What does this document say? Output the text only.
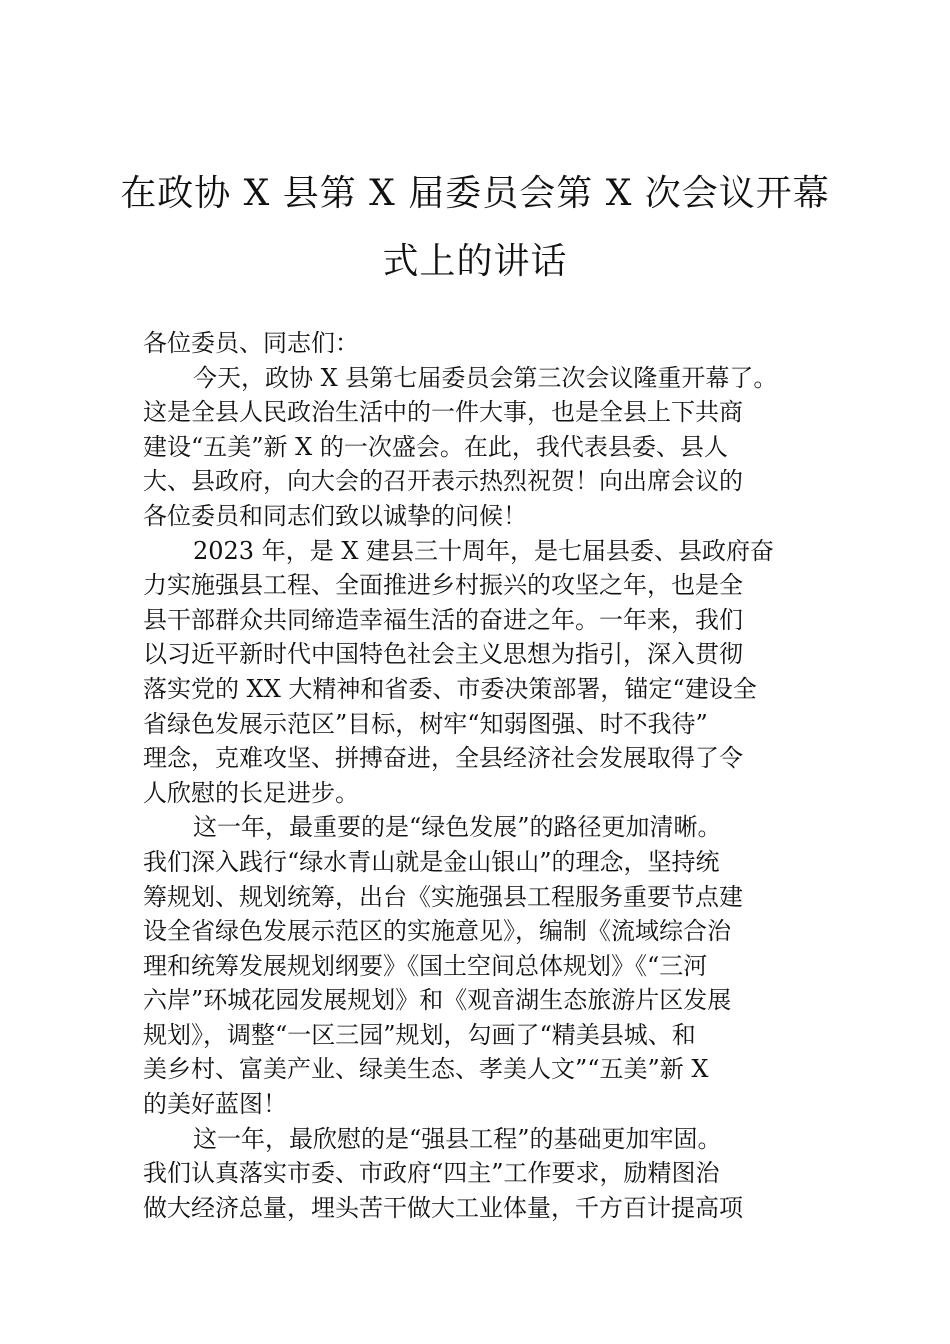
在政协 X 县第 X 届委员会第 X 次会议开幕
式上的讲话
各位委员、同志们：
今天，政协 X 县第七届委员会第三次会议隆重开幕了。
这是全县人民政治生活中的一件大事，也是全县上下共商
建设“五美”新 X 的一次盛会。在此，我代表县委、县人
大、县政府，向大会的召开表示热烈祝贺！向出席会议的
各位委员和同志们致以诚挚的问候！
2023 年，是 X 建县三十周年，是七届县委、县政府奋
力实施强县工程、全面推进乡村振兴的攻坚之年，也是全
县干部群众共同缔造幸福生活的奋进之年。一年来，我们
以习近平新时代中国特色社会主义思想为指引，深入贯彻
落实党的 XX 大精神和省委、市委决策部署，锚定“建设全
省绿色发展示范区”目标，树牢“知弱图强、时不我待”
理念，克难攻坚、拼搏奋进，全县经济社会发展取得了令
人欣慰的长足进步。
这一年，最重要的是“绿色发展”的路径更加清晰。
我们深入践行“绿水青山就是金山银山”的理念，坚持统
筹规划、规划统筹，出台《实施强县工程服务重要节点建
设全省绿色发展示范区的实施意见》，编制《流域综合治
理和统筹发展规划纲要》《国土空间总体规划》《“三河
六岸”环城花园发展规划》和《观音湖生态旅游片区发展
规划》，调整“一区三园”规划，勾画了“精美县城、和
美乡村、富美产业、绿美生态、孝美人文”“五美”新 X
的美好蓝图！
这一年，最欣慰的是“强县工程”的基础更加牢固。
我们认真落实市委、市政府“四主”工作要求，励精图治
做大经济总量，埋头苦干做大工业体量，千方百计提高项
